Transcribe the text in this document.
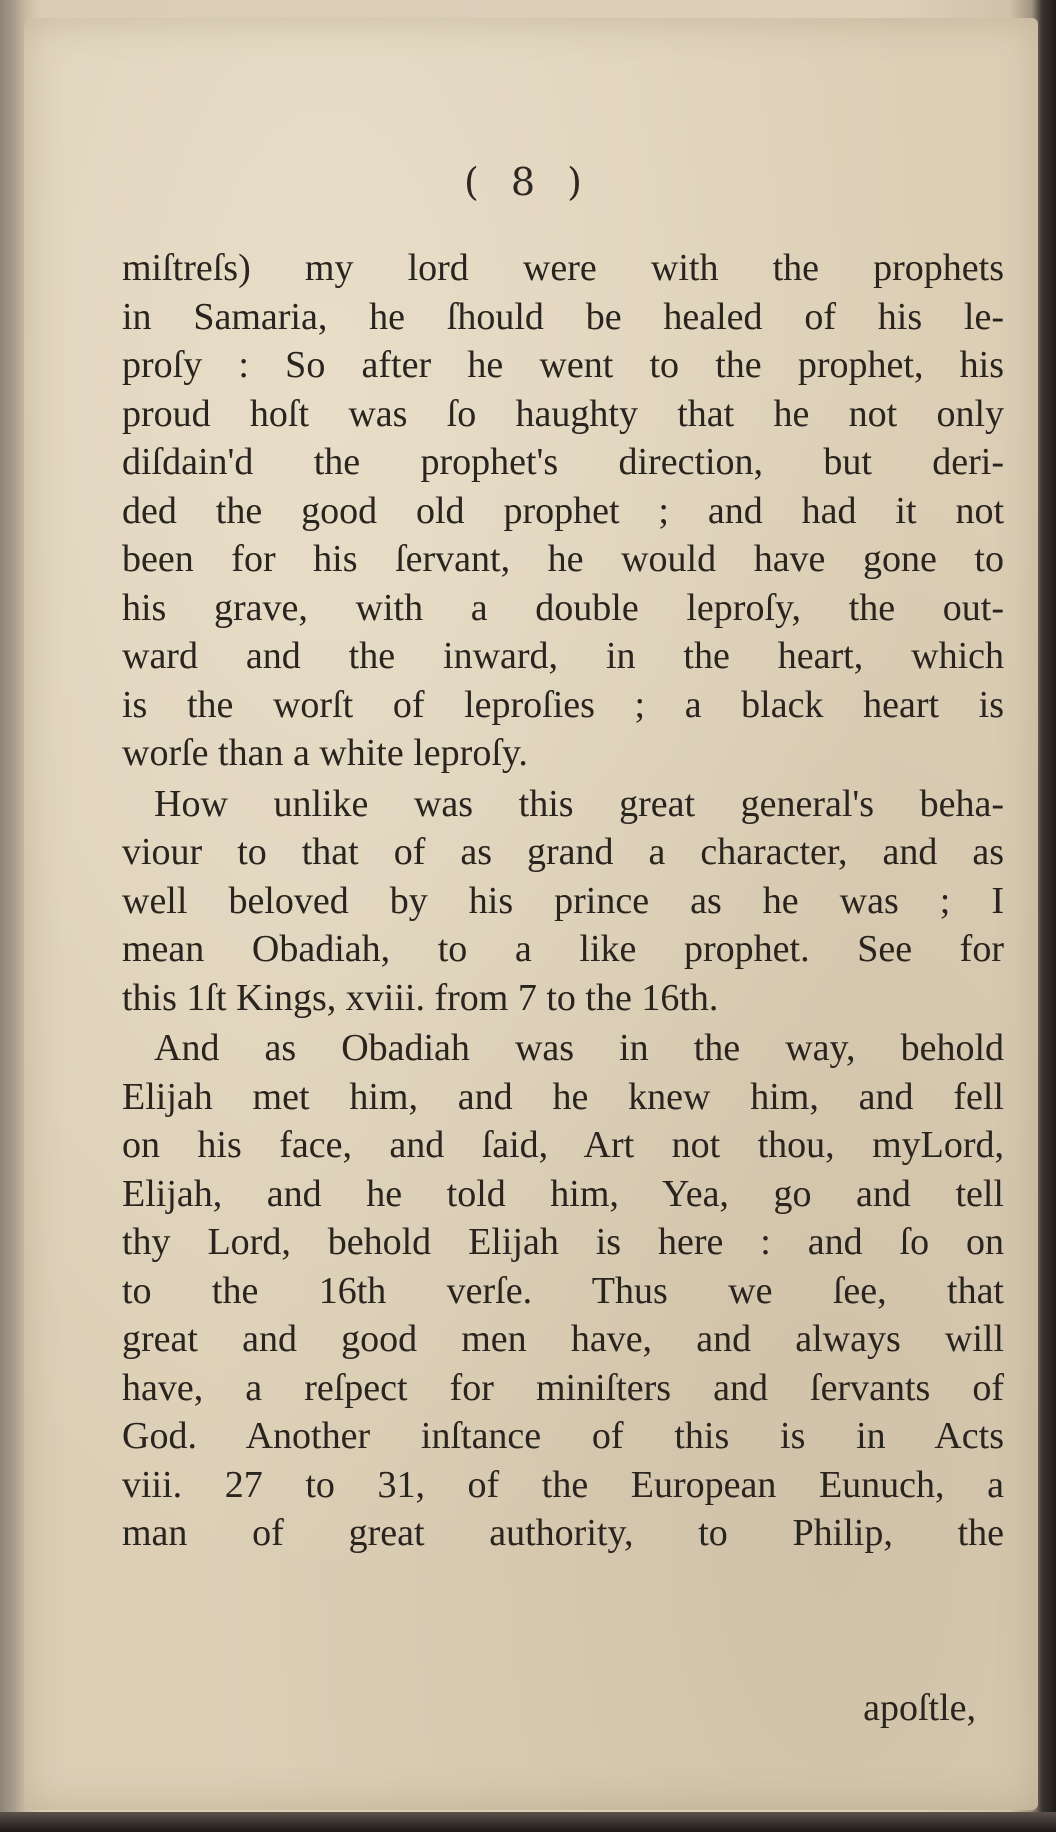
( 8 )
miſtreſs) my lord were with the prophets
in Samaria, he ſhould be healed of his le-
proſy : So after he went to the prophet, his
proud hoſt was ſo haughty that he not only
diſdain'd the prophet's direction, but deri-
ded the good old prophet ; and had it not
been for his ſervant, he would have gone to
his grave, with a double leproſy, the out-
ward and the inward, in the heart, which
is the worſt of leproſies ; a black heart is
worſe than a white leproſy.
How unlike was this great general's beha-
viour to that of as grand a character, and as
well beloved by his prince as he was ; I
mean Obadiah, to a like prophet. See for
this 1ſt Kings, xviii. from 7 to the 16th.
And as Obadiah was in the way, behold
Elijah met him, and he knew him, and fell
on his face, and ſaid, Art not thou, myLord,
Elijah, and he told him, Yea, go and tell
thy Lord, behold Elijah is here : and ſo on
to the 16th verſe. Thus we ſee, that
great and good men have, and always will
have, a reſpect for miniſters and ſervants of
God. Another inſtance of this is in Acts
viii. 27 to 31, of the European Eunuch, a
man of great authority, to Philip, the
apoſtle,
